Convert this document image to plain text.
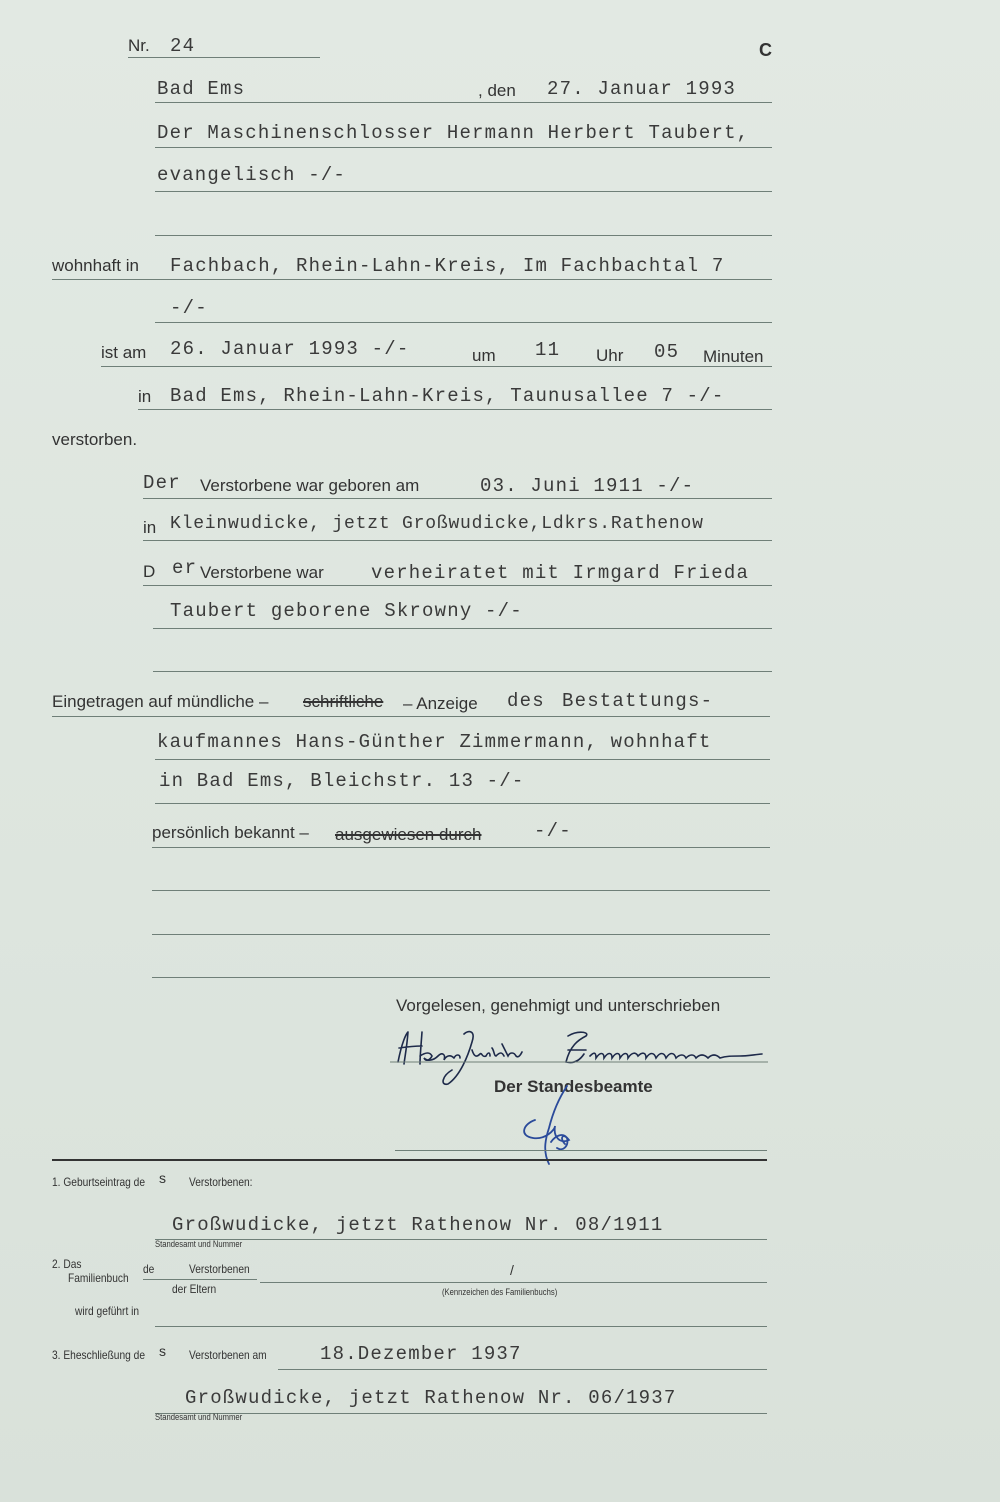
Nr. 24	C
Bad Ems	, den 27. Januar 1993
Der Maschinenschlosser Hermann Herbert Taubert,
evangelisch -/-
wohnhaft in Fachbach, Rhein-Lahn-Kreis, Im Fachbachtal 7
-/-
ist am 26. Januar 1993 -/-	um 11 Uhr 05 Minuten
in Bad Ems, Rhein-Lahn-Kreis, Taunusallee 7 -/-
verstorben.
Der Verstorbene war geboren am	03. Juni 1911 -/-
in Kleinwudicke, jetzt Großwudicke,Ldkrs.Rathenow
D er Verstorbene war verheiratet mit Irmgard Frieda
Taubert geborene Skrowny -/-
Eingetragen auf mündliche – schriftliche – Anzeige des Bestattungs-
kaufmannes Hans-Günther Zimmermann, wohnhaft
in Bad Ems, Bleichstr. 13 -/-
persönlich bekannt – ausgewiesen durch	-/-
Vorgelesen, genehmigt und unterschrieben
Der Standesbeamte
1. Geburtseintrag de s Verstorbenen:
Großwudicke, jetzt Rathenow Nr. 08/1911
Standesamt und Nummer
2. Das
Familienbuch
de	Verstorbenen
der Eltern
/
(Kennzeichen des Familienbuchs)
wird geführt in
3. Eheschließung de s Verstorbenen am	18.Dezember 1937
Großwudicke, jetzt Rathenow Nr. 06/1937
Standesamt und Nummer
